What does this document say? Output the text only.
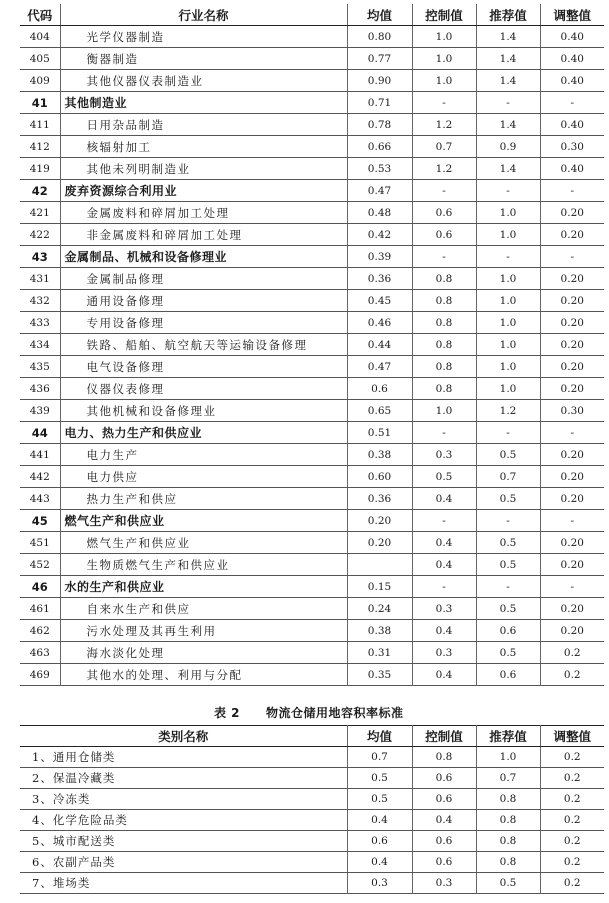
代码	行业名称	均值	控制值	推荐值	调整值
404	光学仪器制造	0.80	1.0	1.4	0.40
405	衡器制造	0.77	1.0	1.4	0.40
409	其他仪器仪表制造业	0.90	1.0	1.4	0.40
41	其他制造业	0.71	-	-	-
411	日用杂品制造	0.78	1.2	1.4	0.40
412	核辐射加工	0.66	0.7	0.9	0.30
419	其他未列明制造业	0.53	1.2	1.4	0.40
42	废弃资源综合利用业	0.47	-	-	-
421	金属废料和碎屑加工处理	0.48	0.6	1.0	0.20
422	非金属废料和碎屑加工处理	0.42	0.6	1.0	0.20
43	金属制品、机械和设备修理业	0.39	-	-	-
431	金属制品修理	0.36	0.8	1.0	0.20
432	通用设备修理	0.45	0.8	1.0	0.20
433	专用设备修理	0.46	0.8	1.0	0.20
434	铁路、船舶、航空航天等运输设备修理	0.44	0.8	1.0	0.20
435	电气设备修理	0.47	0.8	1.0	0.20
436	仪器仪表修理	0.6	0.8	1.0	0.20
439	其他机械和设备修理业	0.65	1.0	1.2	0.30
44	电力、热力生产和供应业	0.51	-	-	-
441	电力生产	0.38	0.3	0.5	0.20
442	电力供应	0.60	0.5	0.7	0.20
443	热力生产和供应	0.36	0.4	0.5	0.20
45	燃气生产和供应业	0.20	-	-	-
451	燃气生产和供应业	0.20	0.4	0.5	0.20
452	生物质燃气生产和供应业		0.4	0.5	0.20
46	水的生产和供应业	0.15	-	-	-
461	自来水生产和供应	0.24	0.3	0.5	0.20
462	污水处理及其再生利用	0.38	0.4	0.6	0.20
463	海水淡化处理	0.31	0.3	0.5	0.2
469	其他水的处理、利用与分配	0.35	0.4	0.6	0.2
表 2 物流仓储用地容积率标准
类别名称	均值	控制值	推荐值	调整值
1、通用仓储类	0.7	0.8	1.0	0.2
2、保温冷藏类	0.5	0.6	0.7	0.2
3、冷冻类	0.5	0.6	0.8	0.2
4、化学危险品类	0.4	0.4	0.8	0.2
5、城市配送类	0.6	0.6	0.8	0.2
6、农副产品类	0.4	0.6	0.8	0.2
7、堆场类	0.3	0.3	0.5	0.2
